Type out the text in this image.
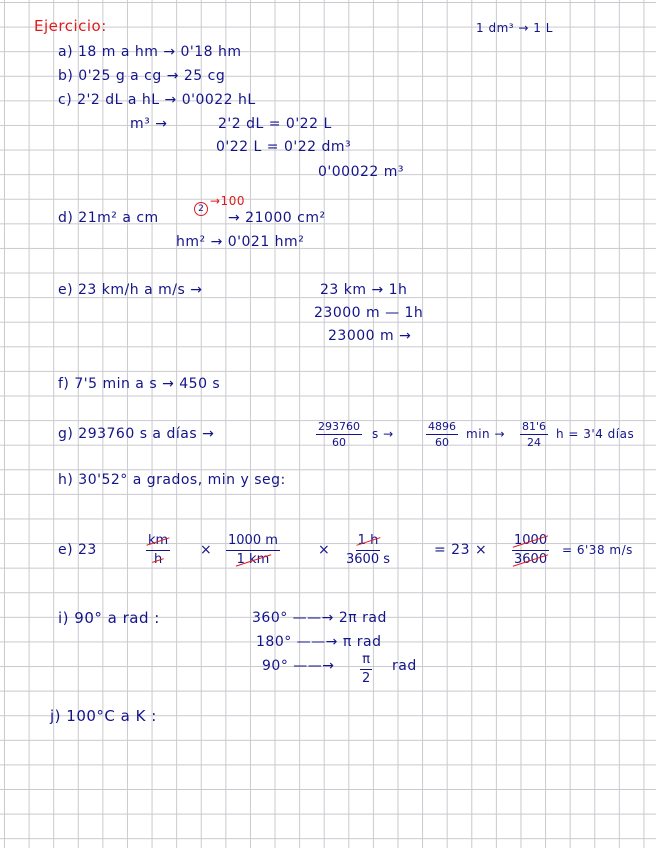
Ejercicio:	1 dm³ → 1 L
a) 18 m a hm → 0'18 hm
b) 0'25 g a cg → 25 cg
c) 2'2 dL a hL → 0'0022 hL
m³ →	2'2 dL = 0'22 L
0'22 L = 0'22 dm³
0'00022 m³
→100
d) 21m² a cm
2
→ 21000 cm²
hm² → 0'021 hm²
e) 23 km/h a m/s →	23 km → 1h
23000 m — 1h
23000 m →
f) 7'5 min a s → 450 s
g) 293760 s a días →	$\frac{293760}{60}$ s →	$\frac{4896}{60}$ $\min \to \frac{81'6}{24}$ h = 3'4 días
h) 30'52° a grados, min y seg:
e) 23	$\frac{km}{h} \times \frac{1000 m}{1 km}$	× $\frac{1 h}{3600 s}$	= $23 \times \frac{1000}{3600} = 6'38$ m/s
i) 90° a rad :	360° ——→ 2π rad
180° ——→ π rad
90° ——→ $\frac{\pi}{2}$ rad
j) 100°C a K :
